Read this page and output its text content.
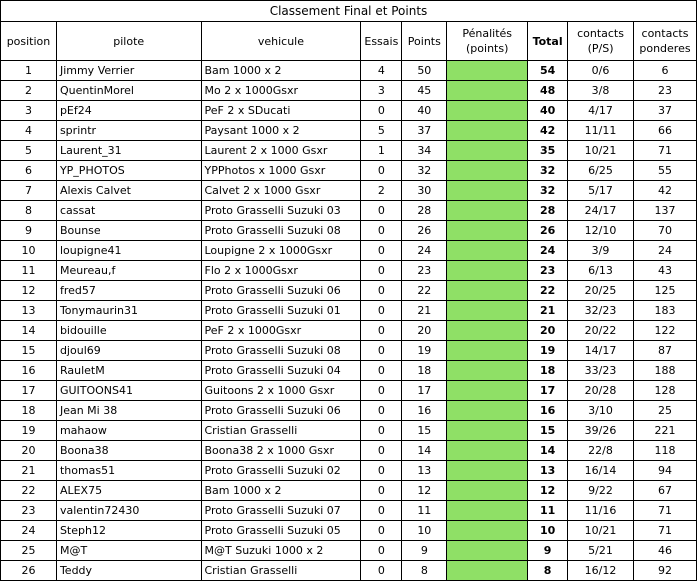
Classement Final et Points								
position	pilote	vehicule	Essais	Points	Pénalités (points)	Total	contacts (P/S)	contacts ponderes
1	Jimmy Verrier	Bam 1000 x 2	4	50		54	0/6	6
2	QuentinMorel	Mo 2 x 1000Gsxr	3	45		48	3/8	23
3	pEf24	PeF 2 x SDucati	0	40		40	4/17	37
4	sprintr	Paysant 1000 x 2	5	37		42	11/11	66
5	Laurent_31	Laurent 2 x 1000 Gsxr	1	34		35	10/21	71
6	YP_PHOTOS	YPPhotos x 1000 Gsxr	0	32		32	6/25	55
7	Alexis Calvet	Calvet 2 x 1000 Gsxr	2	30		32	5/17	42
8	cassat	Proto Grasselli Suzuki 03	0	28		28	24/17	137
9	Bounse	Proto Grasselli Suzuki 08	0	26		26	12/10	70
10	loupigne41	Loupigne 2 x 1000Gsxr	0	24		24	3/9	24
11	Meureau,f	Flo 2 x 1000Gsxr	0	23		23	6/13	43
12	fred57	Proto Grasselli Suzuki 06	0	22		22	20/25	125
13	Tonymaurin31	Proto Grasselli Suzuki 01	0	21		21	32/23	183
14	bidouille	PeF 2 x 1000Gsxr	0	20		20	20/22	122
15	djoul69	Proto Grasselli Suzuki 08	0	19		19	14/17	87
16	RauletM	Proto Grasselli Suzuki 04	0	18		18	33/23	188
17	GUITOONS41	Guitoons 2 x 1000 Gsxr	0	17		17	20/28	128
18	Jean Mi 38	Proto Grasselli Suzuki 06	0	16		16	3/10	25
19	mahaow	Cristian Grasselli	0	15		15	39/26	221
20	Boona38	Boona38 2 x 1000 Gsxr	0	14		14	22/8	118
21	thomas51	Proto Grasselli Suzuki 02	0	13		13	16/14	94
22	ALEX75	Bam 1000 x 2	0	12		12	9/22	67
23	valentin72430	Proto Grasselli Suzuki 07	0	11		11	11/16	71
24	Steph12	Proto Grasselli Suzuki 05	0	10		10	10/21	71
25	M@T	M@T Suzuki 1000 x 2	0	9		9	5/21	46
26	Teddy	Cristian Grasselli	0	8		8	16/12	92
